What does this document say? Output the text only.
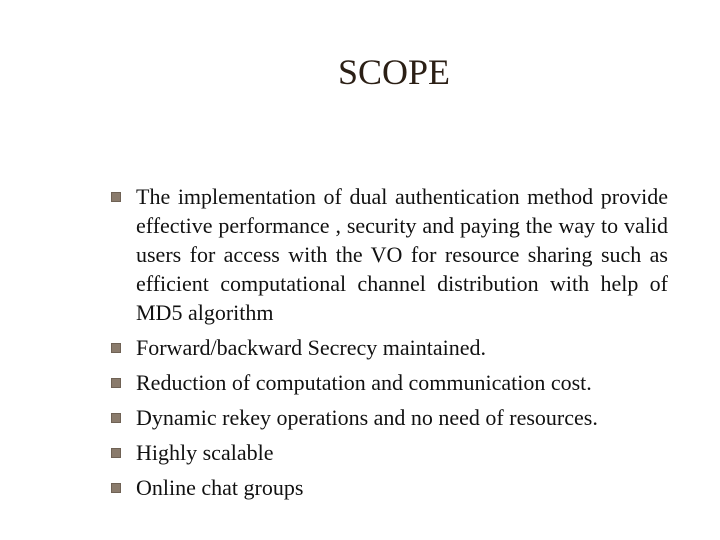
SCOPE
The implementation of dual authentication method provide effective performance , security and paying the way to valid users for access with the VO for resource sharing such as efficient computational channel distribution with help of MD5 algorithm
Forward/backward Secrecy maintained.
Reduction of computation and communication cost.
Dynamic rekey operations and no need of resources.
Highly scalable
Online chat groups
